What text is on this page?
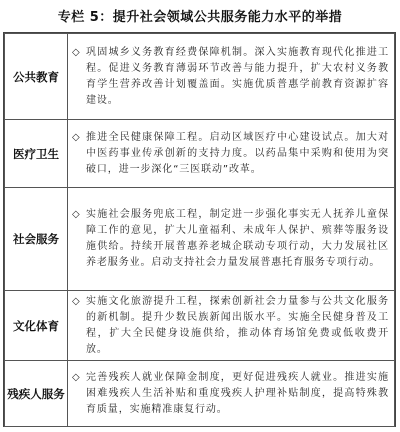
专栏 5：提升社会领域公共服务能力水平的举措
公共教育	◇ 巩固城乡义务教育经费保障机制。深入实施教育现代化推进工程。促进义务教育薄弱环节改善与能力提升，扩大农村义务教育学生营养改善计划覆盖面。实施优质普惠学前教育资源扩容建设。

医疗卫生	◇ 推进全民健康保障工程。启动区域医疗中心建设试点。加大对中医药事业传承创新的支持力度。以药品集中采购和使用为突破口，进一步深化“三医联动”改革。

社会服务	◇ 实施社会服务兜底工程，制定进一步强化事实无人抚养儿童保障工作的意见，扩大儿童福利、未成年人保护、殡葬等服务设施供给。持续开展普惠养老城企联动专项行动，大力发展社区养老服务业。启动支持社会力量发展普惠托育服务专项行动。

文化体育	◇ 实施文化旅游提升工程，探索创新社会力量参与公共文化服务的新机制。提升少数民族新闻出版水平。实施全民健身普及工程，扩大全民健身设施供给，推动体育场馆免费或低收费开放。

残疾人服务	◇ 完善残疾人就业保障金制度，更好促进残疾人就业。推进实施困难残疾人生活补贴和重度残疾人护理补贴制度，提高特殊教育质量，实施精准康复行动。
